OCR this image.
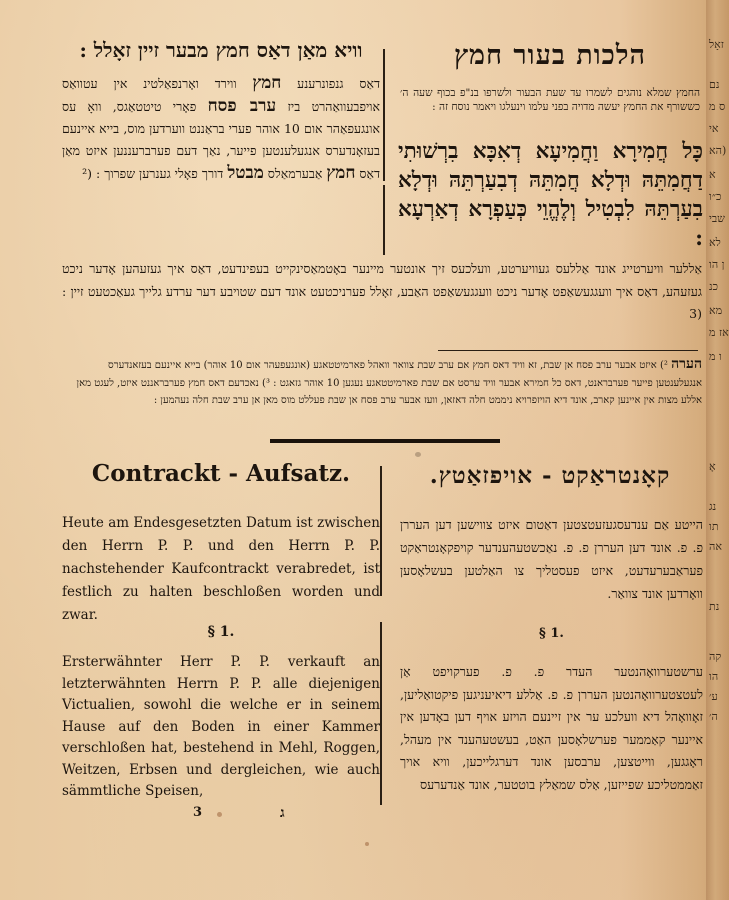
הלכות בעור חמץ
החמץ שמלא נוהגים לשמרו עד שעת הבעור ולשרפו בנ"פ בכוף שעה ה׳ כששורף את החמץ יעשה מדויה בפני עלמו וינעלגו ויאמר נוסח זה :
כָּל חֲמִירָא וַחֲמִיעָא דְאִכָּא בִרְשׁוּתִי דַחֲמִתֵּהּ וּדְלָא חֲמִתֵּהּ דְבִעַרְתֵּהּ וּדְלָא בִעַרְתֵּהּ לִבְטִיל וְלֶהֱוֵי כְּעַפְרָא דְאַרְעָא :
וויא מאַן דאַס חמץ מבער זיין זאָלל :
דאַס גנפונרענע חמץ ווירד ואָרנפאַלטינ אין עטוואַס אויפבעוואַהרט ביז ערב פסח פאָרי טיטטאַגס, וואָ עס אונגעפאַהר אום 10 אוהר פערי בראַננט ווערדען מוס, בייא איינעם בעזאָנדערס אנגעלענטען פייער, נאַך דעם פערברעננען איזט מאַן דאַס חמץ אַבערמאַלס מבטל דורך פאָלי גענרען שפרוך : (²
אַללער וויערטייג אונד אַללעס געוויערטע, וועלכעס זיך אונטער מיינער באָטמאַסינקייט בעפינדעט, דאַס איך געזעהען אָדער ניכט געזעהע, דאַס איך וועגגעשאַפט אָדער ניכט וועגגעשאַפט האַבע, זאָלל פערניכטעט אונד דעם שטויבע דער ערדע גלייך געאַכטעט זיין : (3
הערה ²) איזט אבער ערב פסח אן שבת, זא וויד דאס חמץ אם ערב שבת צוואר וואהל פארמיטטאגע (אונגעפעהר אום 10 אוהר) בייא איינעם בעזאנדערס אנגעלענטען פייער פערבראנט, דאס כל חמירא אבער וויד ערסט אם שבת פארמיטטאגע נעגען 10 אוהר גזאגט : ³) נאכדעם דאס חמץ פערבראננט איזט, לעגט מאן אללע מצות אין איינען קארב, אונד דיא הויזפרויא ניממט חלה דאזאן, וועז אבער ערב פסח אן שבת פעללט מוס מאן אן ערב שבת חלה נעהמען :
Contrackt - Aufsatz.
Heute am Endesgesetzten Datum ist zwischen den Herrn P. P. und den Herrn P. P. nachstehender Kaufcontrackt verabredet, ist festlich zu halten beschloßen worden und zwar.
§ 1.
Ersterwähnter Herr P. P. verkauft an letzterwähnten Herrn P. P. alle diejenigen Victualien, sowohl die welche er in seinem Hause auf den Boden in einer Kammer verschloßen hat, bestehend in Mehl, Roggen, Weitzen, Erbsen und dergleichen, wie auch sämmtliche Speisen,
קאָנטראַקט - אויפזאַטץ.
הייטע אַם ענדעסגעזעטצטען דאַטום איזט צווישען דען העררן פ. פ. אונד דען העררן פ. פ. נאַכשטעהענדער קויפקאָנטראַקט פעראַבערעדעט, איזט פעסטליך צו האַלטען בעשלאָסען וואָרדען אונד צוואַר.
§ 1.
ערשטערוואָהנטער העדר פ. פ. פערקויפט אַן לעטצטערוואָהנטען העררן פ. פ. אַללע דיאיעניגען פיקטואַליען, זאָוואָהל דיא וועלכע ער אין זיינעם הויזע אויף דען באָדען אין איינער קאַממער פערשלאָסען האַט, בעשטעהענד אין מעהל, ראָגגען, ווייטצען, ערבסען אונד דערגלייכען, וויא אויך זאַממטליכע שפייזען, אַלס שמאַלץ בוטטער, אונד אַנדערעס
3	ג
זאָל
נם
ס מ
אי
הא)
א
כ״ו
שבי
לא
ן הו
כנ
מא
אז מ
ו מ
אָ
נג
תו
אה
נת
קה
הו
ע׳
ה׳
